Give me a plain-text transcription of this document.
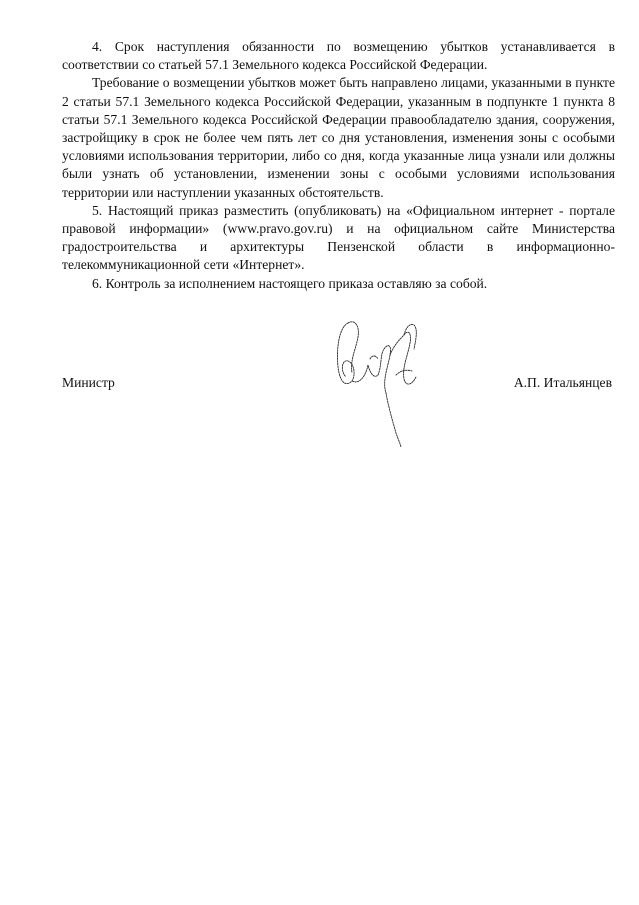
4. Срок наступления обязанности по возмещению убытков устанавливается в соответствии со статьей 57.1 Земельного кодекса Российской Федерации.

Требование о возмещении убытков может быть направлено лицами, указанными в пункте 2 статьи 57.1 Земельного кодекса Российской Федерации, указанным в подпункте 1 пункта 8 статьи 57.1 Земельного кодекса Российской Федерации правообладателю здания, сооружения, застройщику в срок не более чем пять лет со дня установления, изменения зоны с особыми условиями использования территории, либо со дня, когда указанные лица узнали или должны были узнать об установлении, изменении зоны с особыми условиями использования территории или наступлении указанных обстоятельств.

5. Настоящий приказ разместить (опубликовать) на «Официальном интернет - портале правовой информации» (www.pravo.gov.ru) и на официальном сайте Министерства градостроительства и архитектуры Пензенской области в информационно-телекоммуникационной сети «Интернет».

6. Контроль за исполнением настоящего приказа оставляю за собой.

Министр	А.П. Итальянцев
